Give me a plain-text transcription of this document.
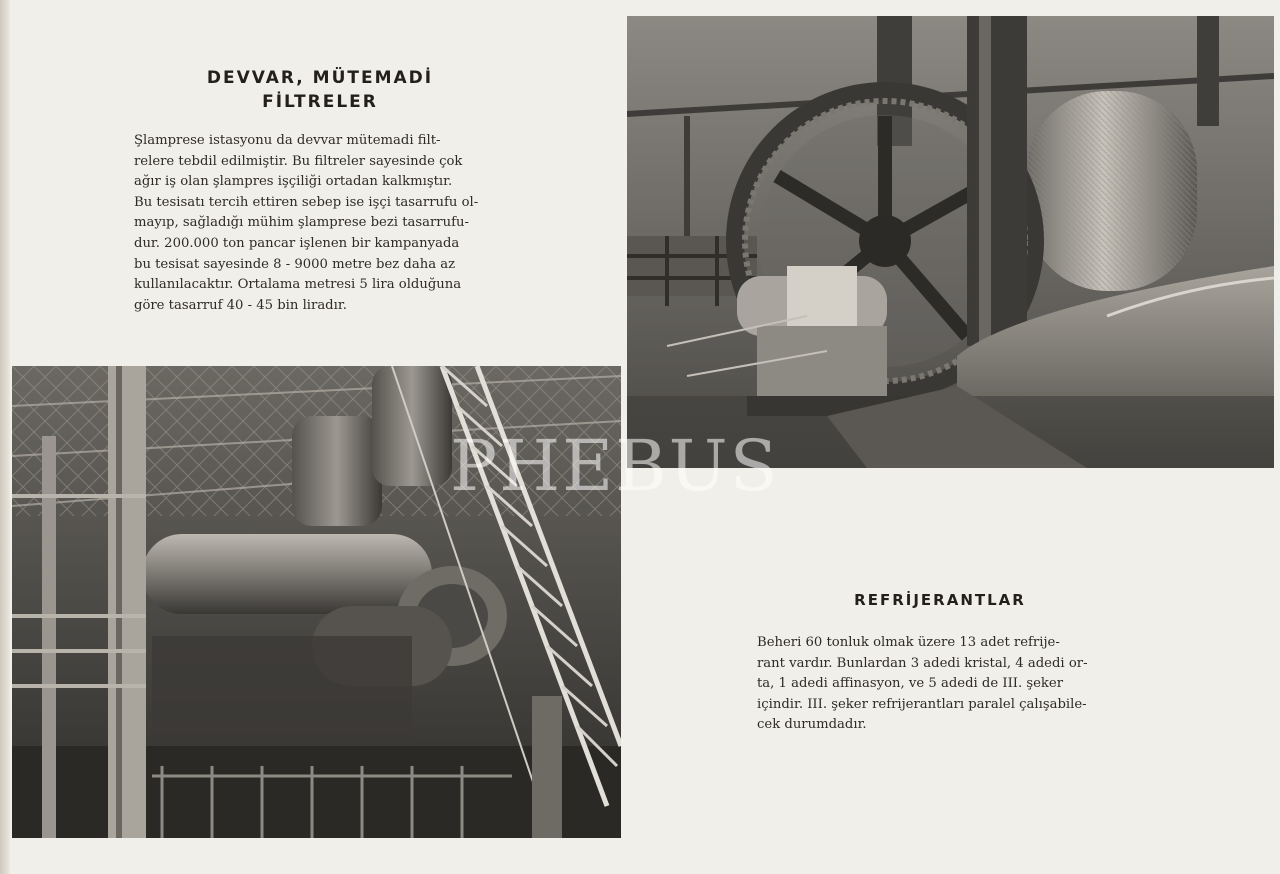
DEVVAR, MÜTEMADİ
FİLTRELER

Şlamprese istasyonu da devvar mütemadi filt-
relere tebdil edilmiştir. Bu filtreler sayesinde çok
ağır iş olan şlampres işçiliği ortadan kalkmıştır.
Bu tesisatı tercih ettiren sebep ise işçi tasarrufu ol-
mayıp, sağladığı mühim şlamprese bezi tasarrufu-
dur. 200.000 ton pancar işlenen bir kampanyada
bu tesisat sayesinde 8 - 9000 metre bez daha az
kullanılacaktır. Ortalama metresi 5 lira olduğuna
göre tasarruf 40 - 45 bin liradır.

PHEBUS
REFRİJERANTLAR

Beheri 60 tonluk olmak üzere 13 adet refrije-
rant vardır. Bunlardan 3 adedi kristal, 4 adedi or-
ta, 1 adedi affinasyon, ve 5 adedi de III. şeker
içindir. III. şeker refrijerantları paralel çalışabile-
cek durumdadır.
